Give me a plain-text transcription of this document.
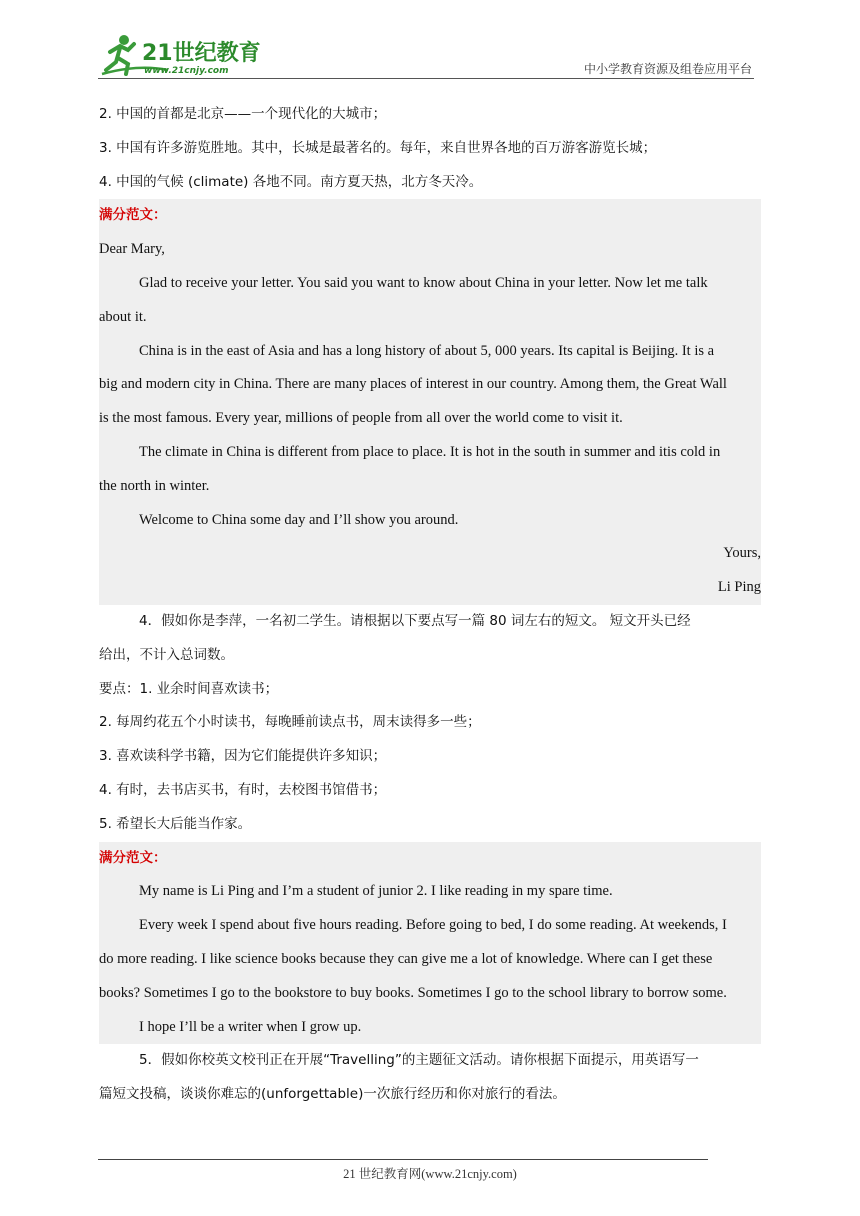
21世纪教育
www.21cnjy.com	中小学教育资源及组卷应用平台
2. 中国的首都是北京——一个现代化的大城市；
3. 中国有许多游览胜地。其中，长城是最著名的。每年，来自世界各地的百万游客游览长城；
4. 中国的气候 (climate) 各地不同。南方夏天热，北方冬天冷。
满分范文：
Dear Mary,
Glad to receive your letter. You said you want to know about China in your letter. Now let me talk
about it.
China is in the east of Asia and has a long history of about 5, 000 years. Its capital is Beijing. It is a
big and modern city in China. There are many places of interest in our country. Among them, the Great Wall
is the most famous. Every year, millions of people from all over the world come to visit it.
The climate in China is different from place to place. It is hot in the south in summer and itis cold in
the north in winter.
Welcome to China some day and I’ll show you around.
Yours,
Li Ping
4．假如你是李萍，一名初二学生。请根据以下要点写一篇 80 词左右的短文。 短文开头已经
给出，不计入总词数。
要点：1. 业余时间喜欢读书；
2. 每周约花五个小时读书，每晚睡前读点书，周末读得多一些；
3. 喜欢读科学书籍，因为它们能提供许多知识；
4. 有时，去书店买书，有时，去校图书馆借书；
5. 希望长大后能当作家。
满分范文：
My name is Li Ping and I’m a student of junior 2. I like reading in my spare time.
Every week I spend about five hours reading. Before going to bed, I do some reading. At weekends, I
do more reading. I like science books because they can give me a lot of knowledge. Where can I get these
books? Sometimes I go to the bookstore to buy books. Sometimes I go to the school library to borrow some.
I hope I’ll be a writer when I grow up.
5．假如你校英文校刊正在开展“Travelling”的主题征文活动。请你根据下面提示，用英语写一
篇短文投稿，谈谈你难忘的(unforgettable)一次旅行经历和你对旅行的看法。
21 世纪教育网(www.21cnjy.com)
